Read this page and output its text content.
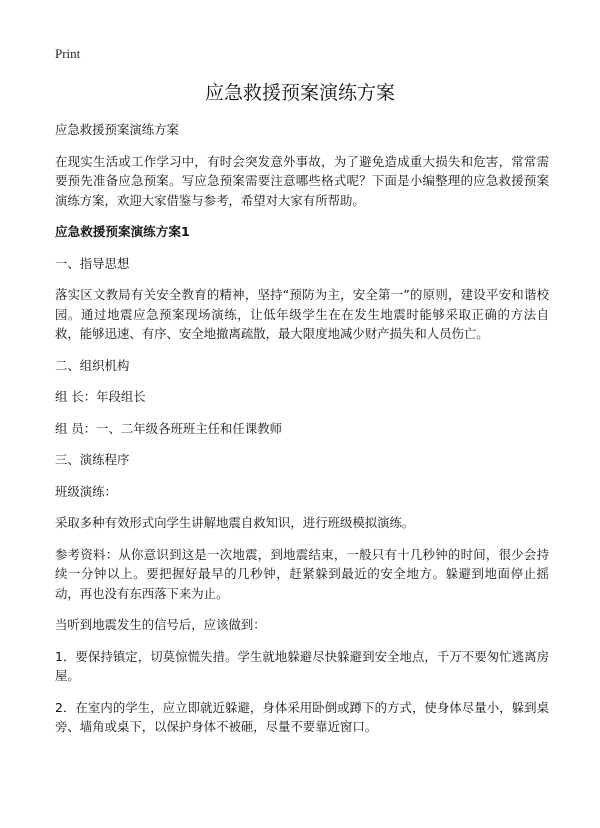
Print
应急救援预案演练方案

应急救援预案演练方案

在现实生活或工作学习中，有时会突发意外事故，为了避免造成重大损失和危害，常常需要预先准备应急预案。写应急预案需要注意哪些格式呢？下面是小编整理的应急救援预案演练方案，欢迎大家借鉴与参考，希望对大家有所帮助。

应急救援预案演练方案1

一、指导思想

落实区文教局有关安全教育的精神，坚持“预防为主，安全第一”的原则，建设平安和谐校园。通过地震应急预案现场演练，让低年级学生在在发生地震时能够采取正确的方法自救，能够迅速、有序、安全地撤离疏散，最大限度地减少财产损失和人员伤亡。

二、组织机构

组 长：年段组长

组 员：一、二年级各班班主任和任课教师

三、演练程序

班级演练：

采取多种有效形式向学生讲解地震自救知识，进行班级模拟演练。

参考资料：从你意识到这是一次地震，到地震结束，一般只有十几秒钟的时间，很少会持续一分钟以上。要把握好最早的几秒钟，赶紧躲到最近的安全地方。躲避到地面停止摇动，再也没有东西落下来为止。

当听到地震发生的信号后，应该做到：

1．要保持镇定，切莫惊慌失措。学生就地躲避尽快躲避到安全地点，千万不要匆忙逃离房屋。

2．在室内的学生，应立即就近躲避，身体采用卧倒或蹲下的方式，使身体尽量小，躲到桌旁、墙角或桌下，以保护身体不被砸，尽量不要靠近窗口。
